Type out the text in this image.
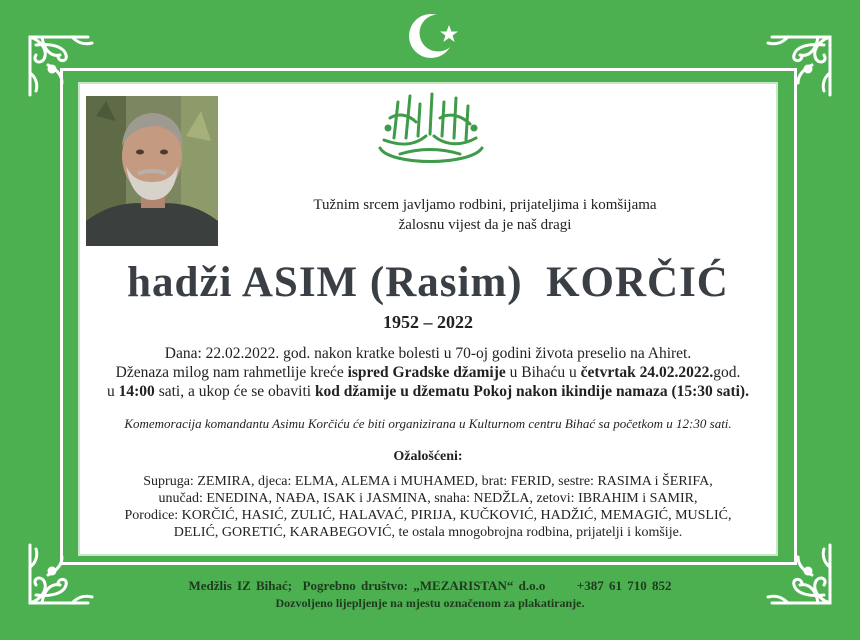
Tužnim srcem javljamo rodbini, prijateljima i komšijama
žalosnu vijest da je naš dragi
hadži ASIM (Rasim)  KORČIĆ
1952 – 2022
Dana: 22.02.2022. god. nakon kratke bolesti u 70-oj godini života preselio na Ahiret.
Dženaza milog nam rahmetlije kreće ispred Gradske džamije u Bihaću u četvrtak 24.02.2022.god.
u 14:00 sati, a ukop će se obaviti kod džamije u džematu Pokoj nakon ikindije namaza (15:30 sati).
Komemoracija komandantu Asimu Korčiću će biti organizirana u Kulturnom centru Bihać sa početkom u 12:30 sati.
Ožalošćeni:
Supruga: ZEMIRA, djeca: ELMA, ALEMA i MUHAMED, brat: FERID, sestre: RASIMA i ŠERIFA,
unučad: ENEDINA, NAĐA, ISAK i JASMINA, snaha: NEDŽLA, zetovi: IBRAHIM i SAMIR,
Porodice: KORČIĆ, HASIĆ, ZULIĆ, HALAVAĆ, PIRIJA, KUČKOVIĆ, HADŽIĆ, MEMAGIĆ, MUSLIĆ,
DELIĆ, GORETIĆ, KARABEGOVIĆ, te ostala mnogobrojna rodbina, prijatelji i komšije.
Medžlis IZ Bihać;  Pogrebno društvo: „MEZARISTAN“ d.o.o      +387 61 710 852
Dozvoljeno lijepljenje na mjestu označenom za plakatiranje.
